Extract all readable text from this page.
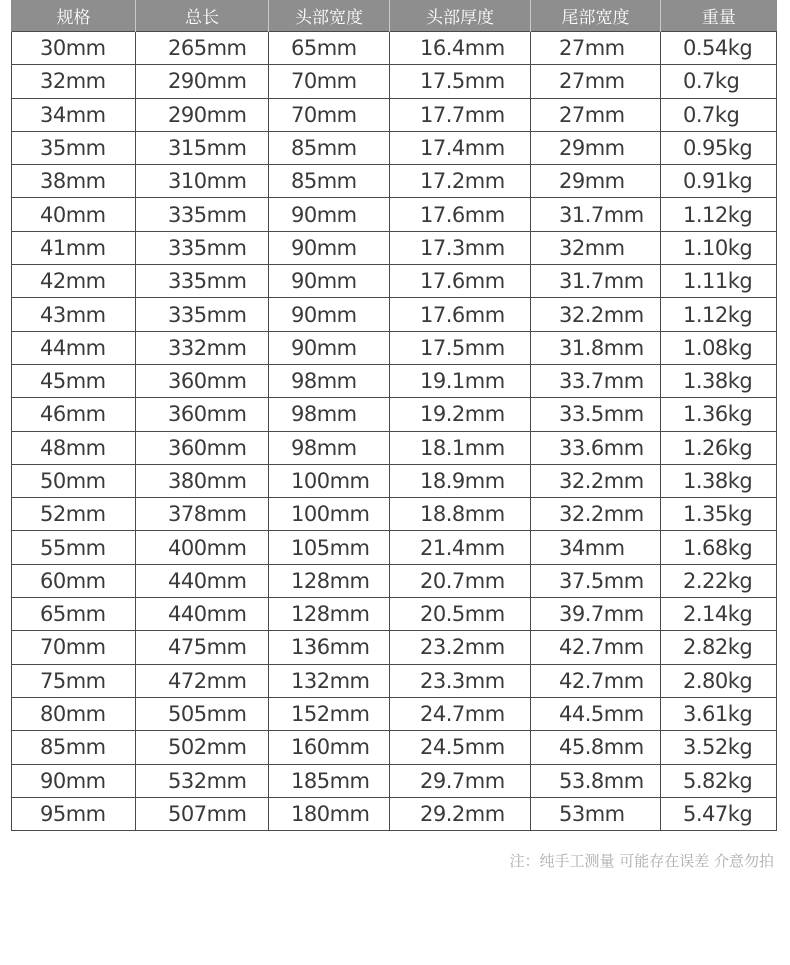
规格	总长	头部宽度	头部厚度	尾部宽度	重量
30mm	265mm	65mm	16.4mm	27mm	0.54kg
32mm	290mm	70mm	17.5mm	27mm	0.7kg
34mm	290mm	70mm	17.7mm	27mm	0.7kg
35mm	315mm	85mm	17.4mm	29mm	0.95kg
38mm	310mm	85mm	17.2mm	29mm	0.91kg
40mm	335mm	90mm	17.6mm	31.7mm	1.12kg
41mm	335mm	90mm	17.3mm	32mm	1.10kg
42mm	335mm	90mm	17.6mm	31.7mm	1.11kg
43mm	335mm	90mm	17.6mm	32.2mm	1.12kg
44mm	332mm	90mm	17.5mm	31.8mm	1.08kg
45mm	360mm	98mm	19.1mm	33.7mm	1.38kg
46mm	360mm	98mm	19.2mm	33.5mm	1.36kg
48mm	360mm	98mm	18.1mm	33.6mm	1.26kg
50mm	380mm	100mm	18.9mm	32.2mm	1.38kg
52mm	378mm	100mm	18.8mm	32.2mm	1.35kg
55mm	400mm	105mm	21.4mm	34mm	1.68kg
60mm	440mm	128mm	20.7mm	37.5mm	2.22kg
65mm	440mm	128mm	20.5mm	39.7mm	2.14kg
70mm	475mm	136mm	23.2mm	42.7mm	2.82kg
75mm	472mm	132mm	23.3mm	42.7mm	2.80kg
80mm	505mm	152mm	24.7mm	44.5mm	3.61kg
85mm	502mm	160mm	24.5mm	45.8mm	3.52kg
90mm	532mm	185mm	29.7mm	53.8mm	5.82kg
95mm	507mm	180mm	29.2mm	53mm	5.47kg
注：纯手工测量 可能存在误差 介意勿拍
